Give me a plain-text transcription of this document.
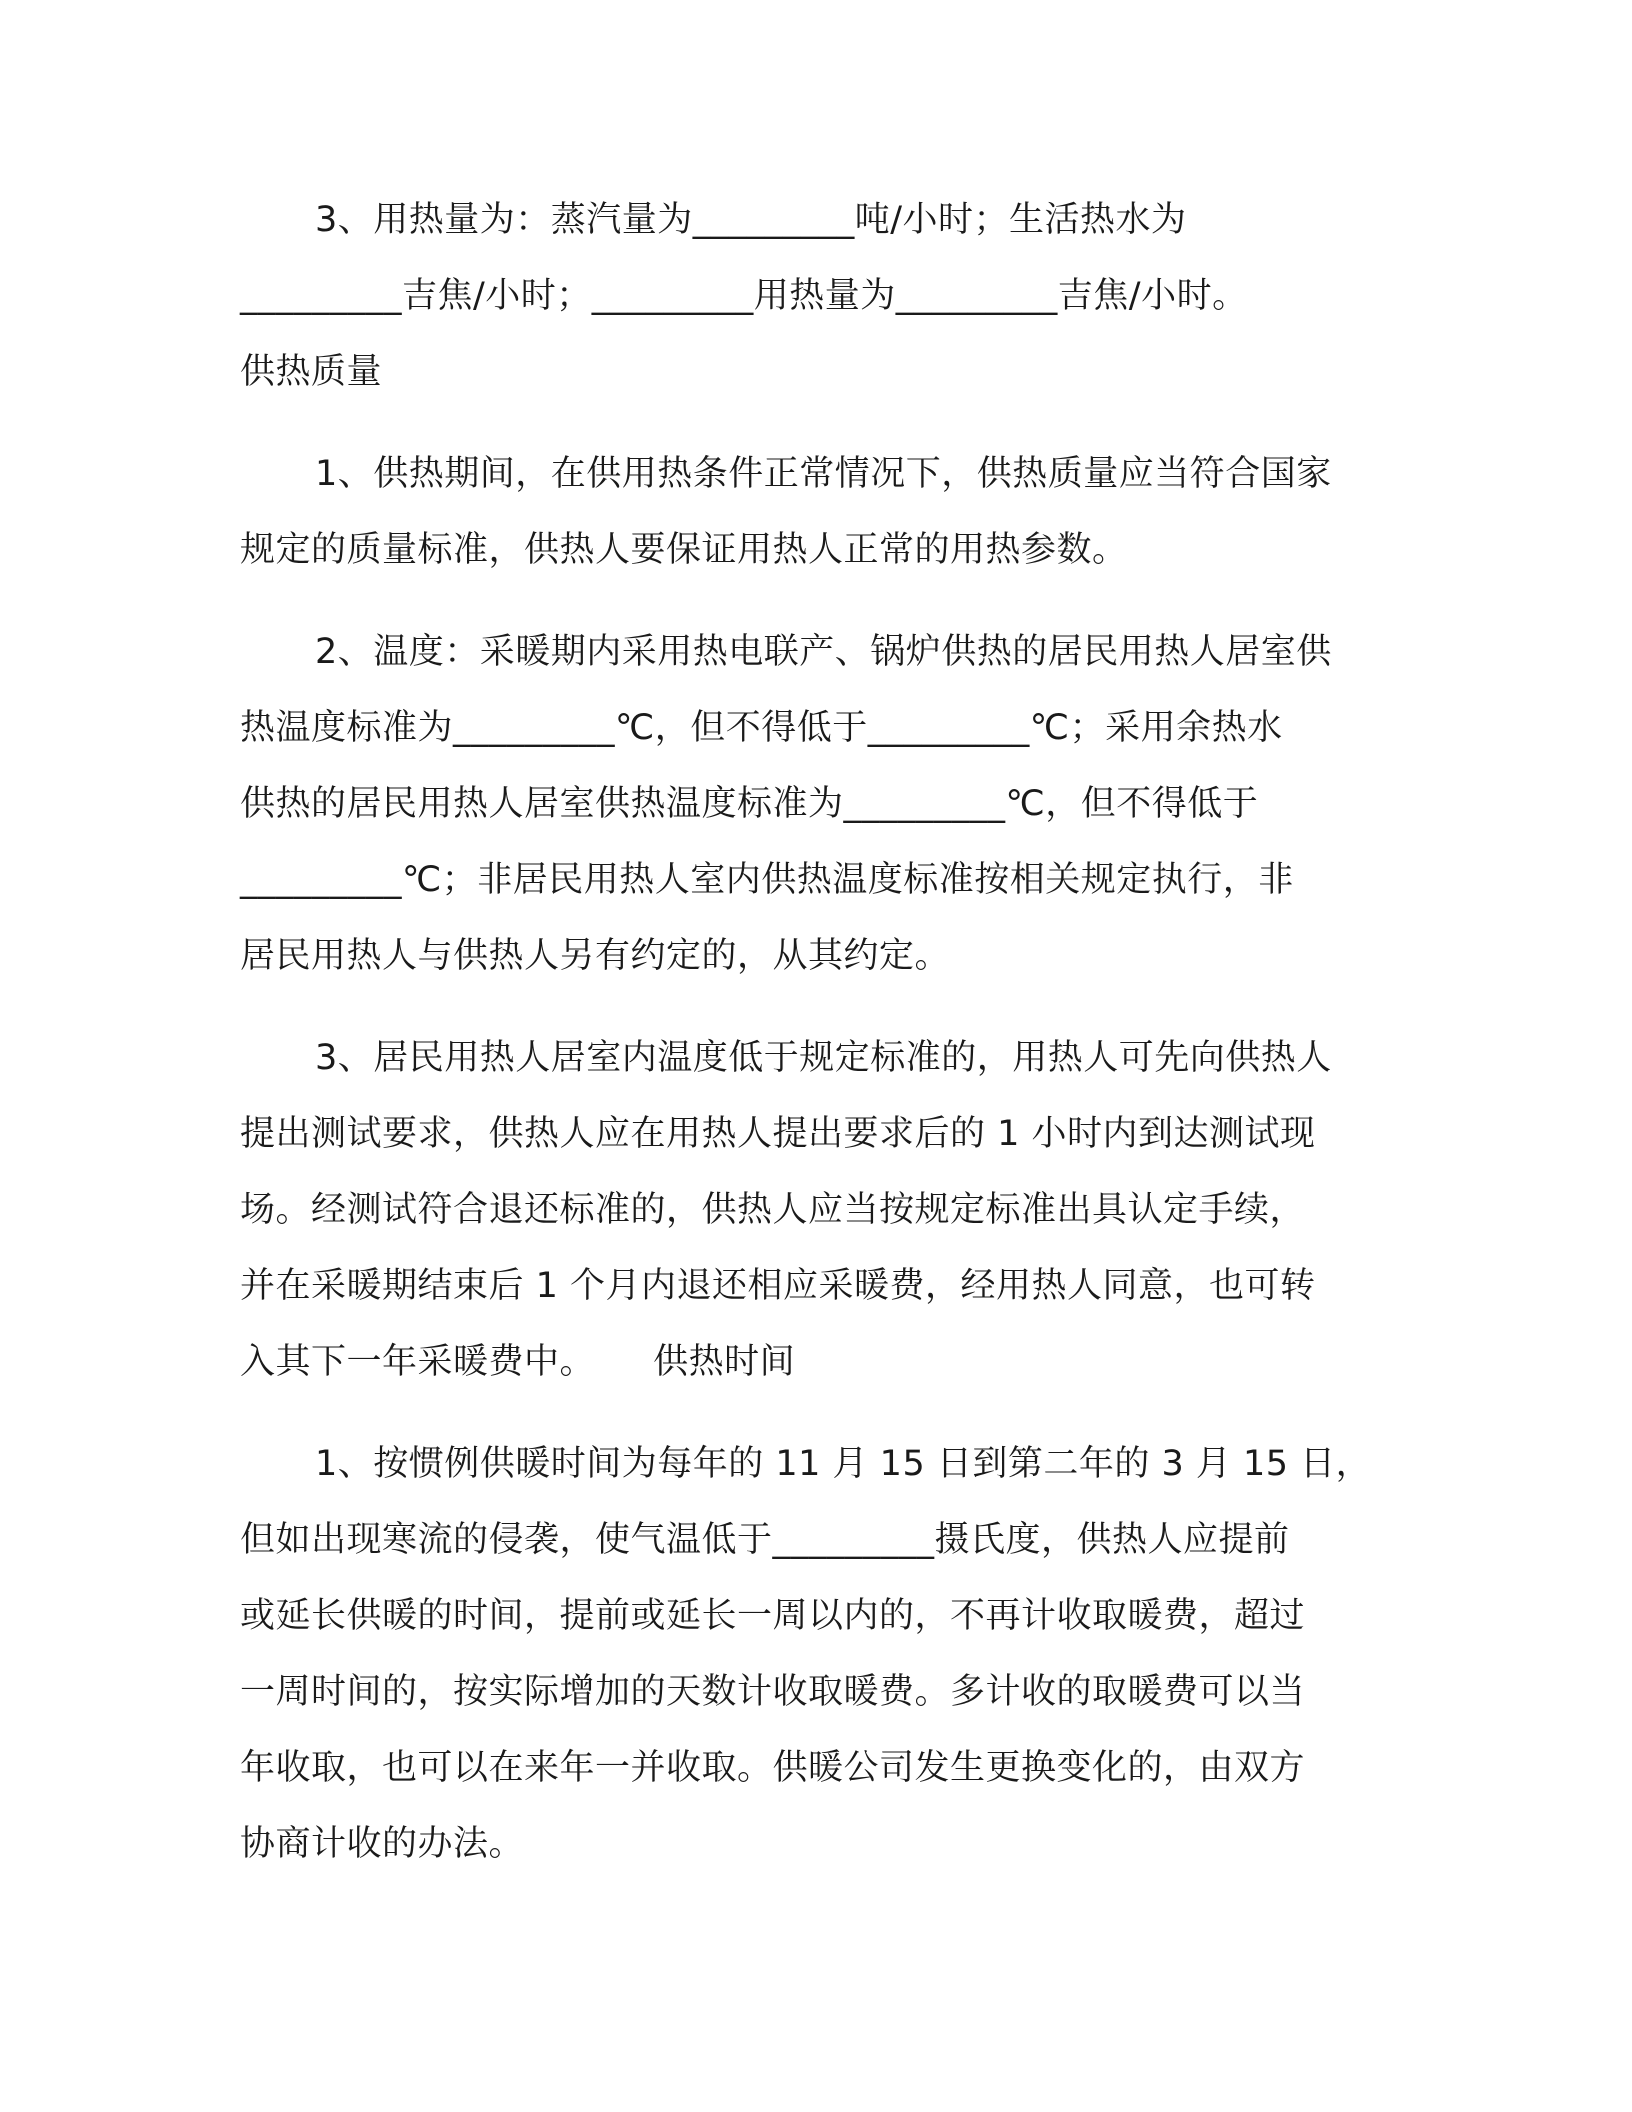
3、用热量为：蒸汽量为_________吨/小时；生活热水为
_________吉焦/小时；_________用热量为_________吉焦/小时。
供热质量
1、供热期间，在供用热条件正常情况下，供热质量应当符合国家
规定的质量标准，供热人要保证用热人正常的用热参数。
2、温度：采暖期内采用热电联产、锅炉供热的居民用热人居室供
热温度标准为_________℃，但不得低于_________℃；采用余热水
供热的居民用热人居室供热温度标准为_________℃，但不得低于
_________℃；非居民用热人室内供热温度标准按相关规定执行，非
居民用热人与供热人另有约定的，从其约定。
3、居民用热人居室内温度低于规定标准的，用热人可先向供热人
提出测试要求，供热人应在用热人提出要求后的 1 小时内到达测试现
场。经测试符合退还标准的，供热人应当按规定标准出具认定手续，
并在采暖期结束后 1 个月内退还相应采暖费，经用热人同意，也可转
入其下一年采暖费中。     供热时间
1、按惯例供暖时间为每年的 11 月 15 日到第二年的 3 月 15 日，
但如出现寒流的侵袭，使气温低于_________摄氏度，供热人应提前
或延长供暖的时间，提前或延长一周以内的，不再计收取暖费，超过
一周时间的，按实际增加的天数计收取暖费。多计收的取暖费可以当
年收取，也可以在来年一并收取。供暖公司发生更换变化的，由双方
协商计收的办法。
